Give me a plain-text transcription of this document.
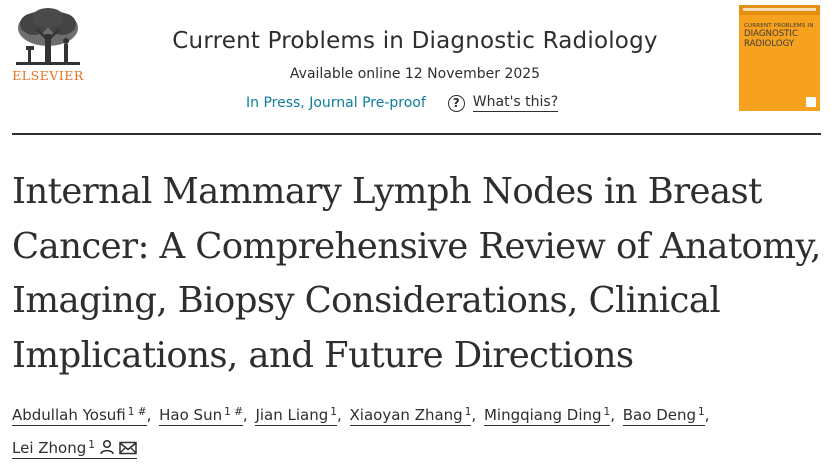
ELSEVIER
Current Problems in Diagnostic Radiology
Available online 12 November 2025
In Press, Journal Pre-proof	? What's this?
CURRENT PROBLEMS IN
DIAGNOSTIC
RADIOLOGY
Internal Mammary Lymph Nodes in Breast Cancer: A Comprehensive Review of Anatomy, Imaging, Biopsy Considerations, Clinical Implications, and Future Directions
Abdullah Yosufi $^{1 \#}$, Hao Sun $^{1 \#}$, Jian Liang $^1$, Xiaoyan Zhang $^1$, Mingqiang Ding $^1$, Bao Deng $^1$, Lei Zhong $^1$
